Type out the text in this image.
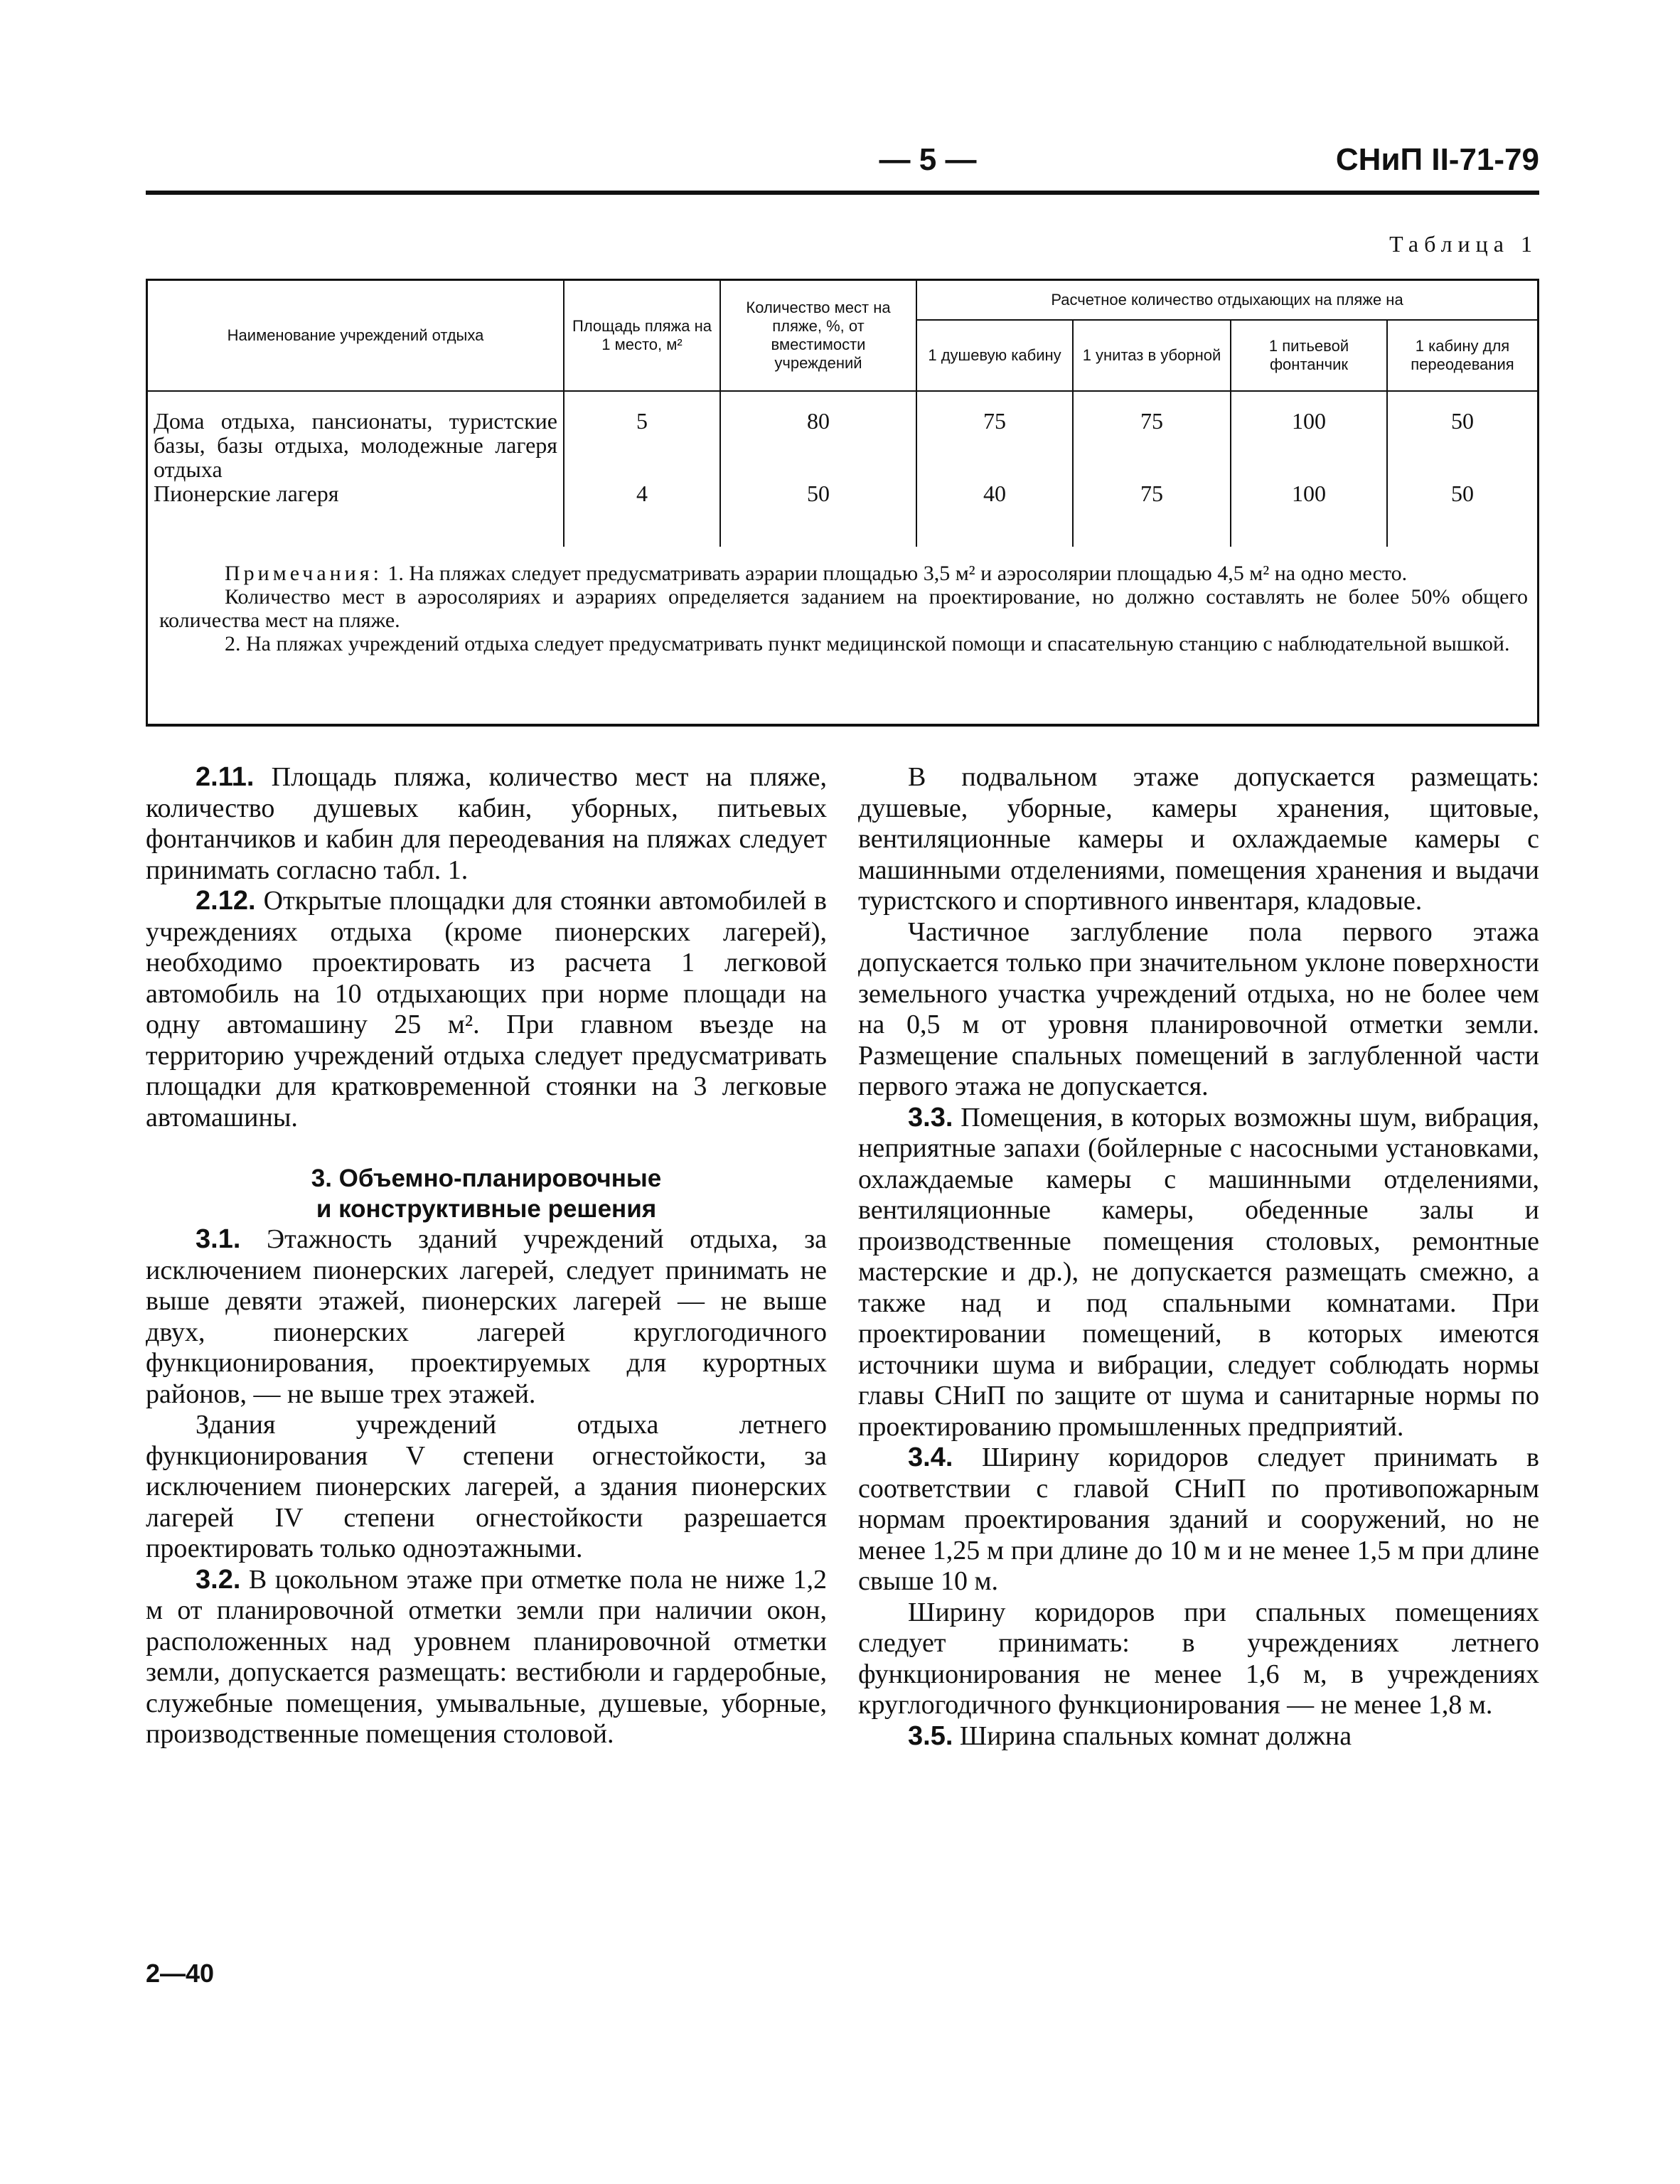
— 5 —	СНиП II-71-79
Таблица 1
Наименование учреждений отдыха	Площадь пляжа на 1 место, м²	Количество мест на пляже, %, от вместимости учреждений	Расчетное количество отдыхающих на пляже на			
			1 душевую кабину	1 унитаз в уборной	1 питьевой фонтанчик	1 кабину для переодевания

Дома отдыха, пансионаты, туристские базы, базы отдыха, молодежные лагеря отдыха	5	80	75	75	100	50
Пионерские лагеря	4	50	40	75	100	50

Примечания: 1. На пляжах следует предусматривать аэрарии площадью 3,5 м² и аэросолярии площадью 4,5 м² на одно место.

Количество мест в аэросоляриях и аэрариях определяется заданием на проектирование, но должно составлять не более 50% общего количества мест на пляже.

2. На пляжах учреждений отдыха следует предусматривать пункт медицинской помощи и спасательную станцию с наблюдательной вышкой.

2.11. Площадь пляжа, количество мест на пляже, количество душевых кабин, уборных, питьевых фонтанчиков и кабин для переодевания на пляжах следует принимать согласно табл. 1.

2.12. Открытые площадки для стоянки автомобилей в учреждениях отдыха (кроме пионерских лагерей), необходимо проектировать из расчета 1 легковой автомобиль на 10 отдыхающих при норме площади на одну автомашину 25 м². При главном въезде на территорию учреждений отдыха следует предусматривать площадки для кратковременной стоянки на 3 легковые автомашины.

3. Объемно-планировочные
и конструктивные решения

3.1. Этажность зданий учреждений отдыха, за исключением пионерских лагерей, следует принимать не выше девяти этажей, пионерских лагерей — не выше двух, пионерских лагерей круглогодичного функционирования, проектируемых для курортных районов, — не выше трех этажей.

Здания учреждений отдыха летнего функционирования V степени огнестойкости, за исключением пионерских лагерей, а здания пионерских лагерей IV степени огнестойкости разрешается проектировать только одноэтажными.

3.2. В цокольном этаже при отметке пола не ниже 1,2 м от планировочной отметки земли при наличии окон, расположенных над уровнем планировочной отметки земли, допускается размещать: вестибюли и гардеробные, служебные помещения, умывальные, душевые, уборные, производственные помещения столовой.

В подвальном этаже допускается размещать: душевые, уборные, камеры хранения, щитовые, вентиляционные камеры и охлаждаемые камеры с машинными отделениями, помещения хранения и выдачи туристского и спортивного инвентаря, кладовые.

Частичное заглубление пола первого этажа допускается только при значительном уклоне поверхности земельного участка учреждений отдыха, но не более чем на 0,5 м от уровня планировочной отметки земли. Размещение спальных помещений в заглубленной части первого этажа не допускается.

3.3. Помещения, в которых возможны шум, вибрация, неприятные запахи (бойлерные с насосными установками, охлаждаемые камеры с машинными отделениями, вентиляционные камеры, обеденные залы и производственные помещения столовых, ремонтные мастерские и др.), не допускается размещать смежно, а также над и под спальными комнатами. При проектировании помещений, в которых имеются источники шума и вибрации, следует соблюдать нормы главы СНиП по защите от шума и санитарные нормы по проектированию промышленных предприятий.

3.4. Ширину коридоров следует принимать в соответствии с главой СНиП по противопожарным нормам проектирования зданий и сооружений, но не менее 1,25 м при длине до 10 м и не менее 1,5 м при длине свыше 10 м.

Ширину коридоров при спальных помещениях следует принимать: в учреждениях летнего функционирования не менее 1,6 м, в учреждениях круглогодичного функционирования — не менее 1,8 м.

3.5. Ширина спальных комнат должна

2—40
